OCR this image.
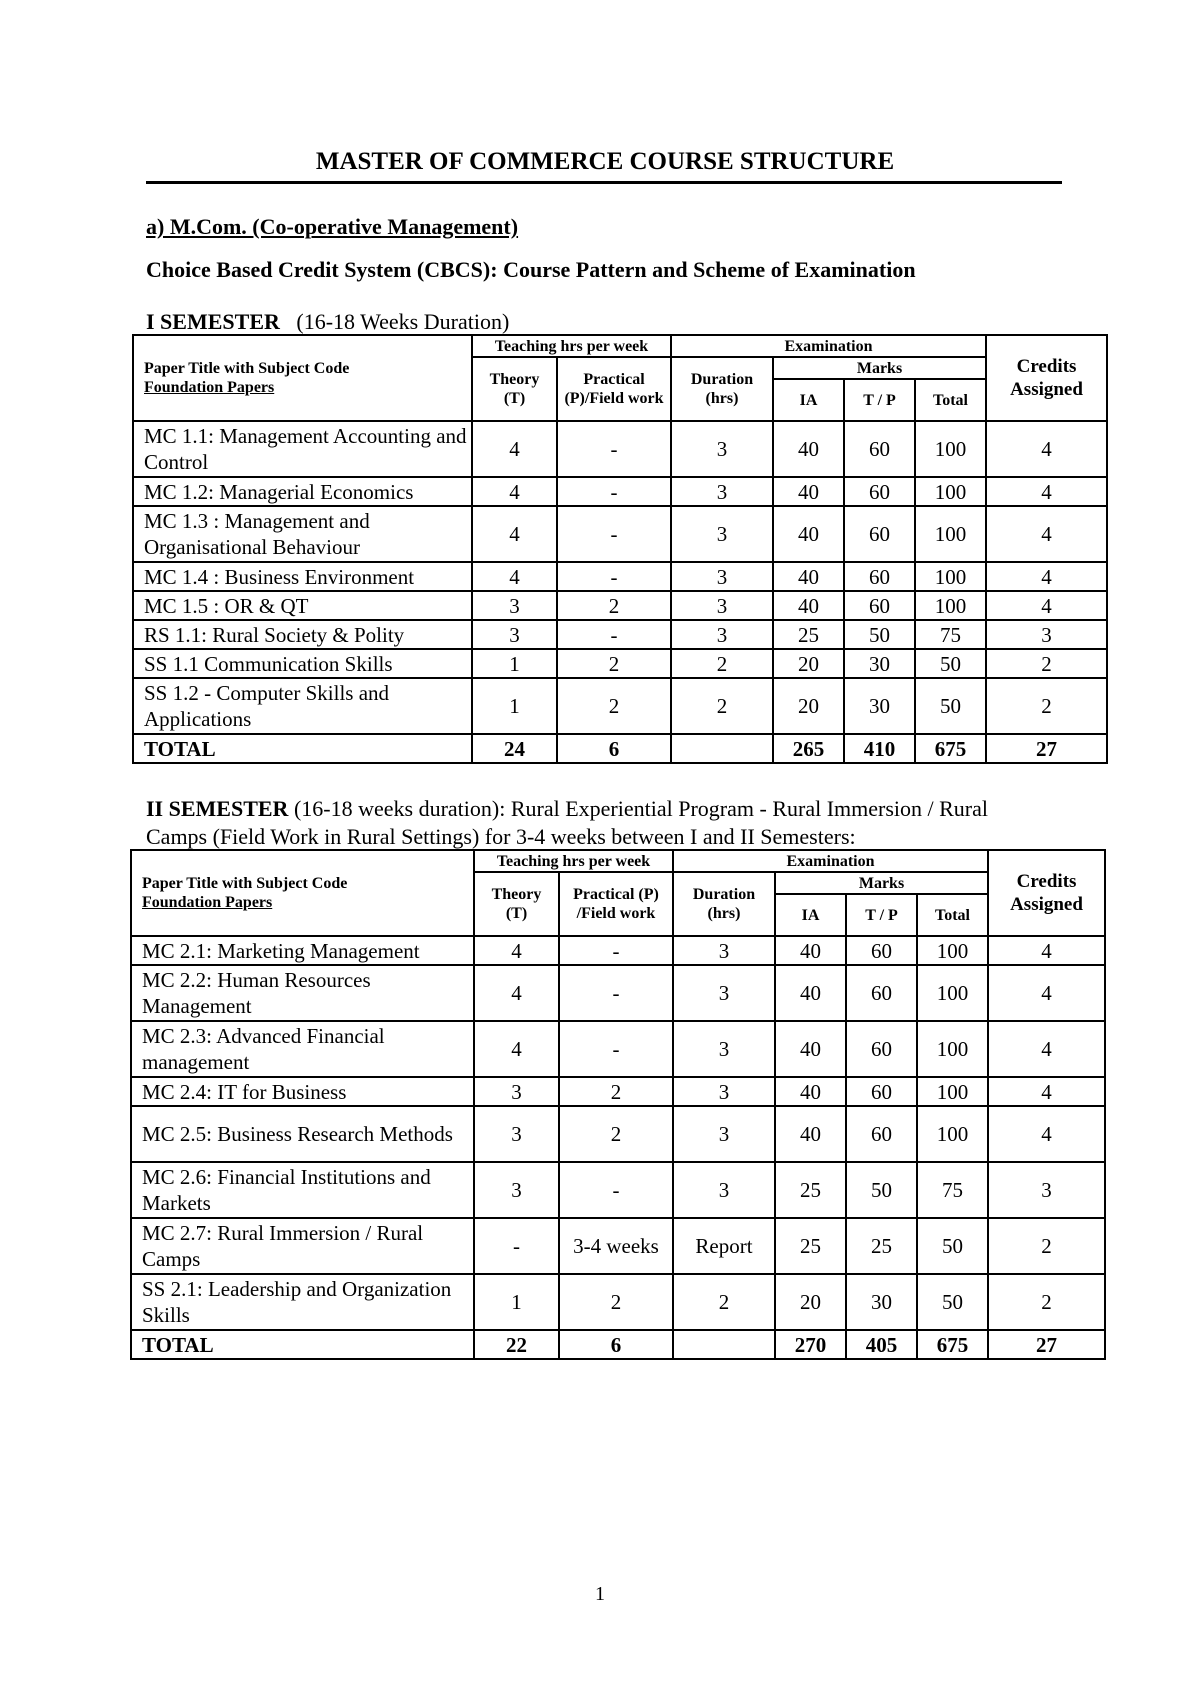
MASTER OF COMMERCE COURSE STRUCTURE
a) M.Com. (Co-operative Management)
Choice Based Credit System (CBCS): Course Pattern and Scheme of Examination
I SEMESTER (16-18 Weeks Duration)
Paper Title with Subject Code
Foundation Papers	Teaching hrs per week		Examination				Credits Assigned
	Theory (T)	Practical (P)/Field work	Duration (hrs)	Marks			
				IA	T / P	Total	
MC 1.1: Management Accounting and Control	4	-	3	40	60	100	4
MC 1.2: Managerial Economics	4	-	3	40	60	100	4
MC 1.3 : Management and Organisational Behaviour	4	-	3	40	60	100	4
MC 1.4 : Business Environment	4	-	3	40	60	100	4
MC 1.5 : OR & QT	3	2	3	40	60	100	4
RS 1.1: Rural Society & Polity	3	-	3	25	50	75	3
SS 1.1 Communication Skills	1	2	2	20	30	50	2
SS 1.2 - Computer Skills and Applications	1	2	2	20	30	50	2
TOTAL	24	6		265	410	675	27
II SEMESTER (16-18 weeks duration): Rural Experiential Program - Rural Immersion / Rural Camps (Field Work in Rural Settings) for 3-4 weeks between I and II Semesters:
Paper Title with Subject Code
Foundation Papers	Teaching hrs per week		Examination				Credits Assigned
	Theory (T)	Practical (P) /Field work	Duration (hrs)	Marks			
				IA	T / P	Total	
MC 2.1: Marketing Management	4	-	3	40	60	100	4
MC 2.2: Human Resources Management	4	-	3	40	60	100	4
MC 2.3: Advanced Financial management	4	-	3	40	60	100	4
MC 2.4: IT for Business	3	2	3	40	60	100	4
MC 2.5: Business Research Methods	3	2	3	40	60	100	4
MC 2.6: Financial Institutions and Markets	3	-	3	25	50	75	3
MC 2.7: Rural Immersion / Rural Camps	-	3-4 weeks	Report	25	25	50	2
SS 2.1: Leadership and Organization Skills	1	2	2	20	30	50	2
TOTAL	22	6		270	405	675	27
1
